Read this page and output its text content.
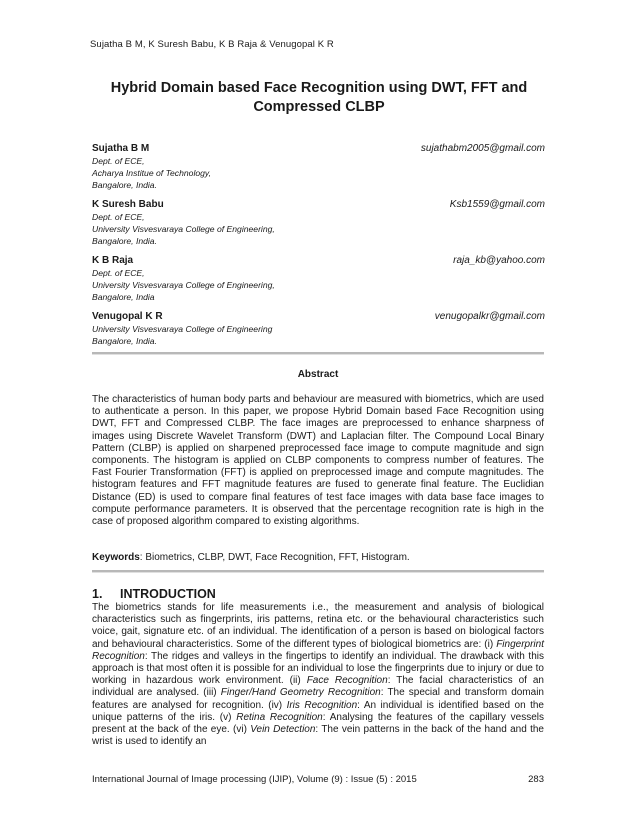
Sujatha B M, K Suresh Babu, K B Raja & Venugopal K R
Hybrid Domain based Face Recognition using DWT, FFT and
Compressed CLBP
Sujatha B M	sujathabm2005@gmail.com
Dept. of ECE,
Acharya Institue of Technology,
Bangalore, India.
K Suresh Babu	Ksb1559@gmail.com
Dept. of ECE,
University Visvesvaraya College of Engineering,
Bangalore, India.
K B Raja	raja_kb@yahoo.com
Dept. of ECE,
University Visvesvaraya College of Engineering,
Bangalore, India
Venugopal K R	venugopalkr@gmail.com
University Visvesvaraya College of Engineering
Bangalore, India.
Abstract
The characteristics of human body parts and behaviour are measured with biometrics, which are used to authenticate a person. In this paper, we propose Hybrid Domain based Face Recognition using DWT, FFT and Compressed CLBP. The face images are preprocessed to enhance sharpness of images using Discrete Wavelet Transform (DWT) and Laplacian filter. The Compound Local Binary Pattern (CLBP) is applied on sharpened preprocessed face image to compute magnitude and sign components. The histogram is applied on CLBP components to compress number of features. The Fast Fourier Transformation (FFT) is applied on preprocessed image and compute magnitudes. The histogram features and FFT magnitude features are fused to generate final feature. The Euclidian Distance (ED) is used to compare final features of test face images with data base face images to compute performance parameters. It is observed that the percentage recognition rate is high in the case of proposed algorithm compared to existing algorithms.
Keywords: Biometrics, CLBP, DWT, Face Recognition, FFT, Histogram.
1. INTRODUCTION
The biometrics stands for life measurements i.e., the measurement and analysis of biological characteristics such as fingerprints, iris patterns, retina etc. or the behavioural characteristics such voice, gait, signature etc. of an individual. The identification of a person is based on biological factors and behavioural characteristics. Some of the different types of biological biometrics are: (i) Fingerprint Recognition: The ridges and valleys in the fingertips to identify an individual. The drawback with this approach is that most often it is possible for an individual to lose the fingerprints due to injury or due to working in hazardous work environment. (ii) Face Recognition: The facial characteristics of an individual are analysed. (iii) Finger/Hand Geometry Recognition: The special and transform domain features are analysed for recognition. (iv) Iris Recognition: An individual is identified based on the unique patterns of the iris. (v) Retina Recognition: Analysing the features of the capillary vessels present at the back of the eye. (vi) Vein Detection: The vein patterns in the back of the hand and the wrist is used to identify an
International Journal of Image processing (IJIP), Volume (9) : Issue (5) : 2015	283
